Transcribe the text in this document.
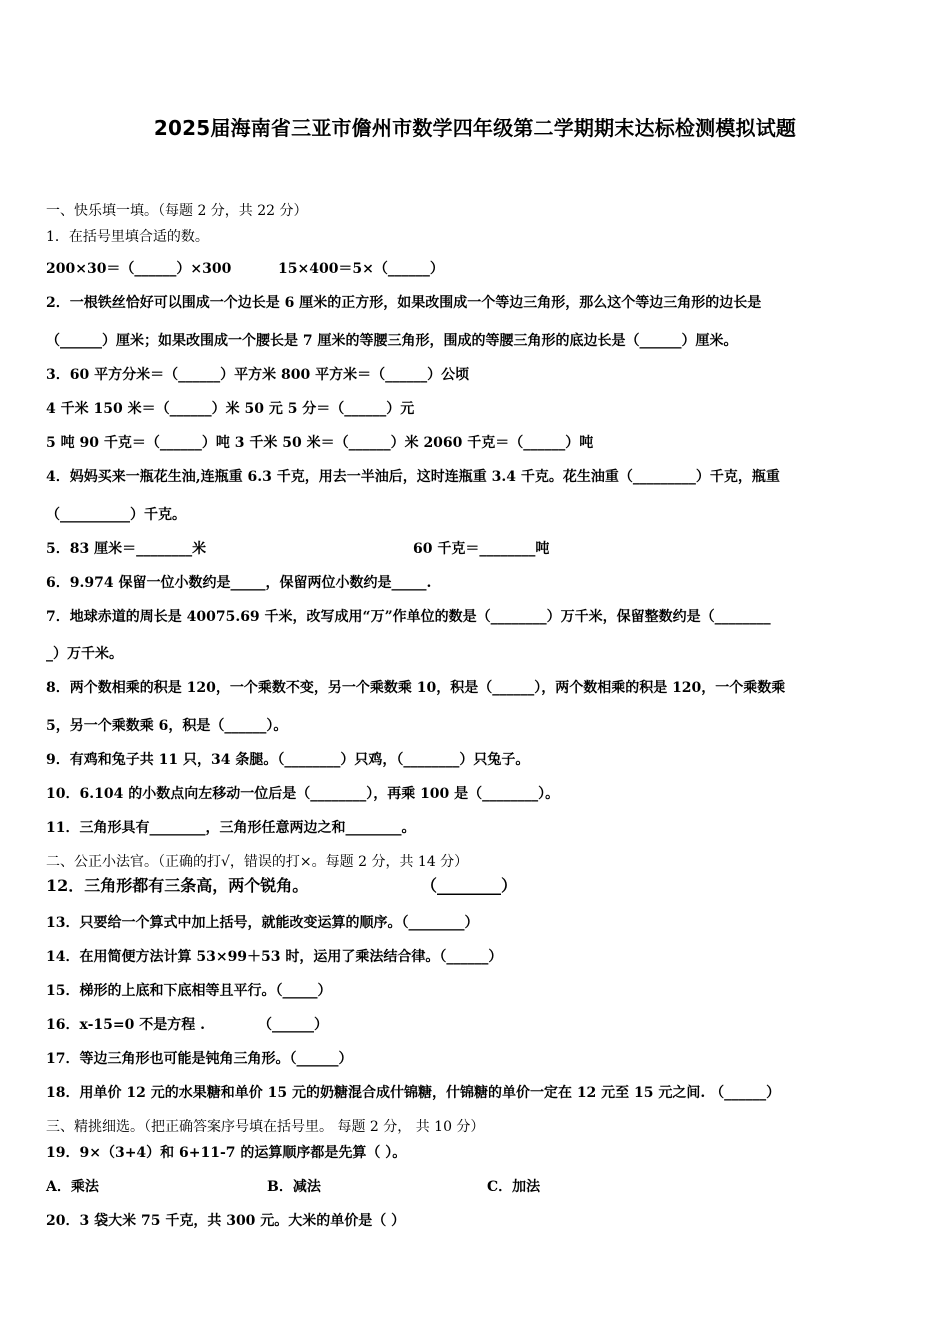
2025届海南省三亚市儋州市数学四年级第二学期期末达标检测模拟试题
一、快乐填一填。（每题 2 分，共 22 分）
1．在括号里填合适的数。
200×30＝（______）×300	15×400＝5×（______）
2．一根铁丝恰好可以围成一个边长是 6 厘米的正方形，如果改围成一个等边三角形，那么这个等边三角形的边长是
（______）厘米；如果改围成一个腰长是 7 厘米的等腰三角形，围成的等腰三角形的底边长是（______）厘米。
3．60 平方分米＝（______）平方米 800 平方米＝（______）公顷
4 千米 150 米＝（______）米 50 元 5 分＝（______）元
5 吨 90 千克＝（______）吨 3 千米 50 米＝（______）米 2060 千克＝（______）吨
4．妈妈买来一瓶花生油,连瓶重 6.3 千克，用去一半油后，这时连瓶重 3.4 千克。花生油重（_________）千克，瓶重
（__________）千克。
5．83 厘米＝________米	60 千克＝________吨
6．9.974 保留一位小数约是_____，保留两位小数约是_____.
7．地球赤道的周长是 40075.69 千米，改写成用“万”作单位的数是（________）万千米，保留整数约是（________
_）万千米。
8．两个数相乘的积是 120，一个乘数不变，另一个乘数乘 10，积是（______），两个数相乘的积是 120，一个乘数乘
5，另一个乘数乘 6，积是（______）。
9．有鸡和兔子共 11 只，34 条腿。（________）只鸡，（________）只兔子。
10．6.104 的小数点向左移动一位后是（________），再乘 100 是（________）。
11．三角形具有________，三角形任意两边之和________。
二、公正小法官。（正确的打√，错误的打×。每题 2 分，共 14 分）
12．三角形都有三条高，两个锐角。	（________）
13．只要给一个算式中加上括号，就能改变运算的顺序。（________）
14．在用简便方法计算 53×99＋53 时，运用了乘法结合律。（______）
15．梯形的上底和下底相等且平行。（_____）
16．x-15=0 不是方程 .	（______）
17．等边三角形也可能是钝角三角形。（______）
18．用单价 12 元的水果糖和单价 15 元的奶糖混合成什锦糖，什锦糖的单价一定在 12 元至 15 元之间. （______）
三、精挑细选。（把正确答案序号填在括号里。 每题 2 分， 共 10 分）
19．9×（3+4）和 6+11-7 的运算顺序都是先算（ ）。
A．乘法	B．减法	C．加法
20．3 袋大米 75 千克，共 300 元。大米的单价是（ ）
